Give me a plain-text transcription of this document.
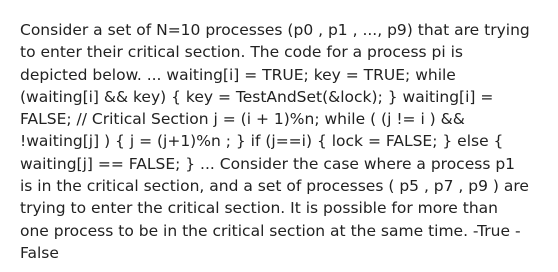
Consider a set of N=10 processes (p0 , p1 , ..., p9) that are trying
to enter their critical section. The code for a process pi is
depicted below. ... waiting[i] = TRUE; key = TRUE; while
(waiting[i] && key) { key = TestAndSet(&lock); } waiting[i] =
FALSE; // Critical Section j = (i + 1)%n; while ( (j != i ) &&
!waiting[j] ) { j = (j+1)%n ; } if (j==i) { lock = FALSE; } else {
waiting[j] == FALSE; } ... Consider the case where a process p1
is in the critical section, and a set of processes ( p5 , p7 , p9 ) are
trying to enter the critical section. It is possible for more than
one process to be in the critical section at the same time. -True -
False
